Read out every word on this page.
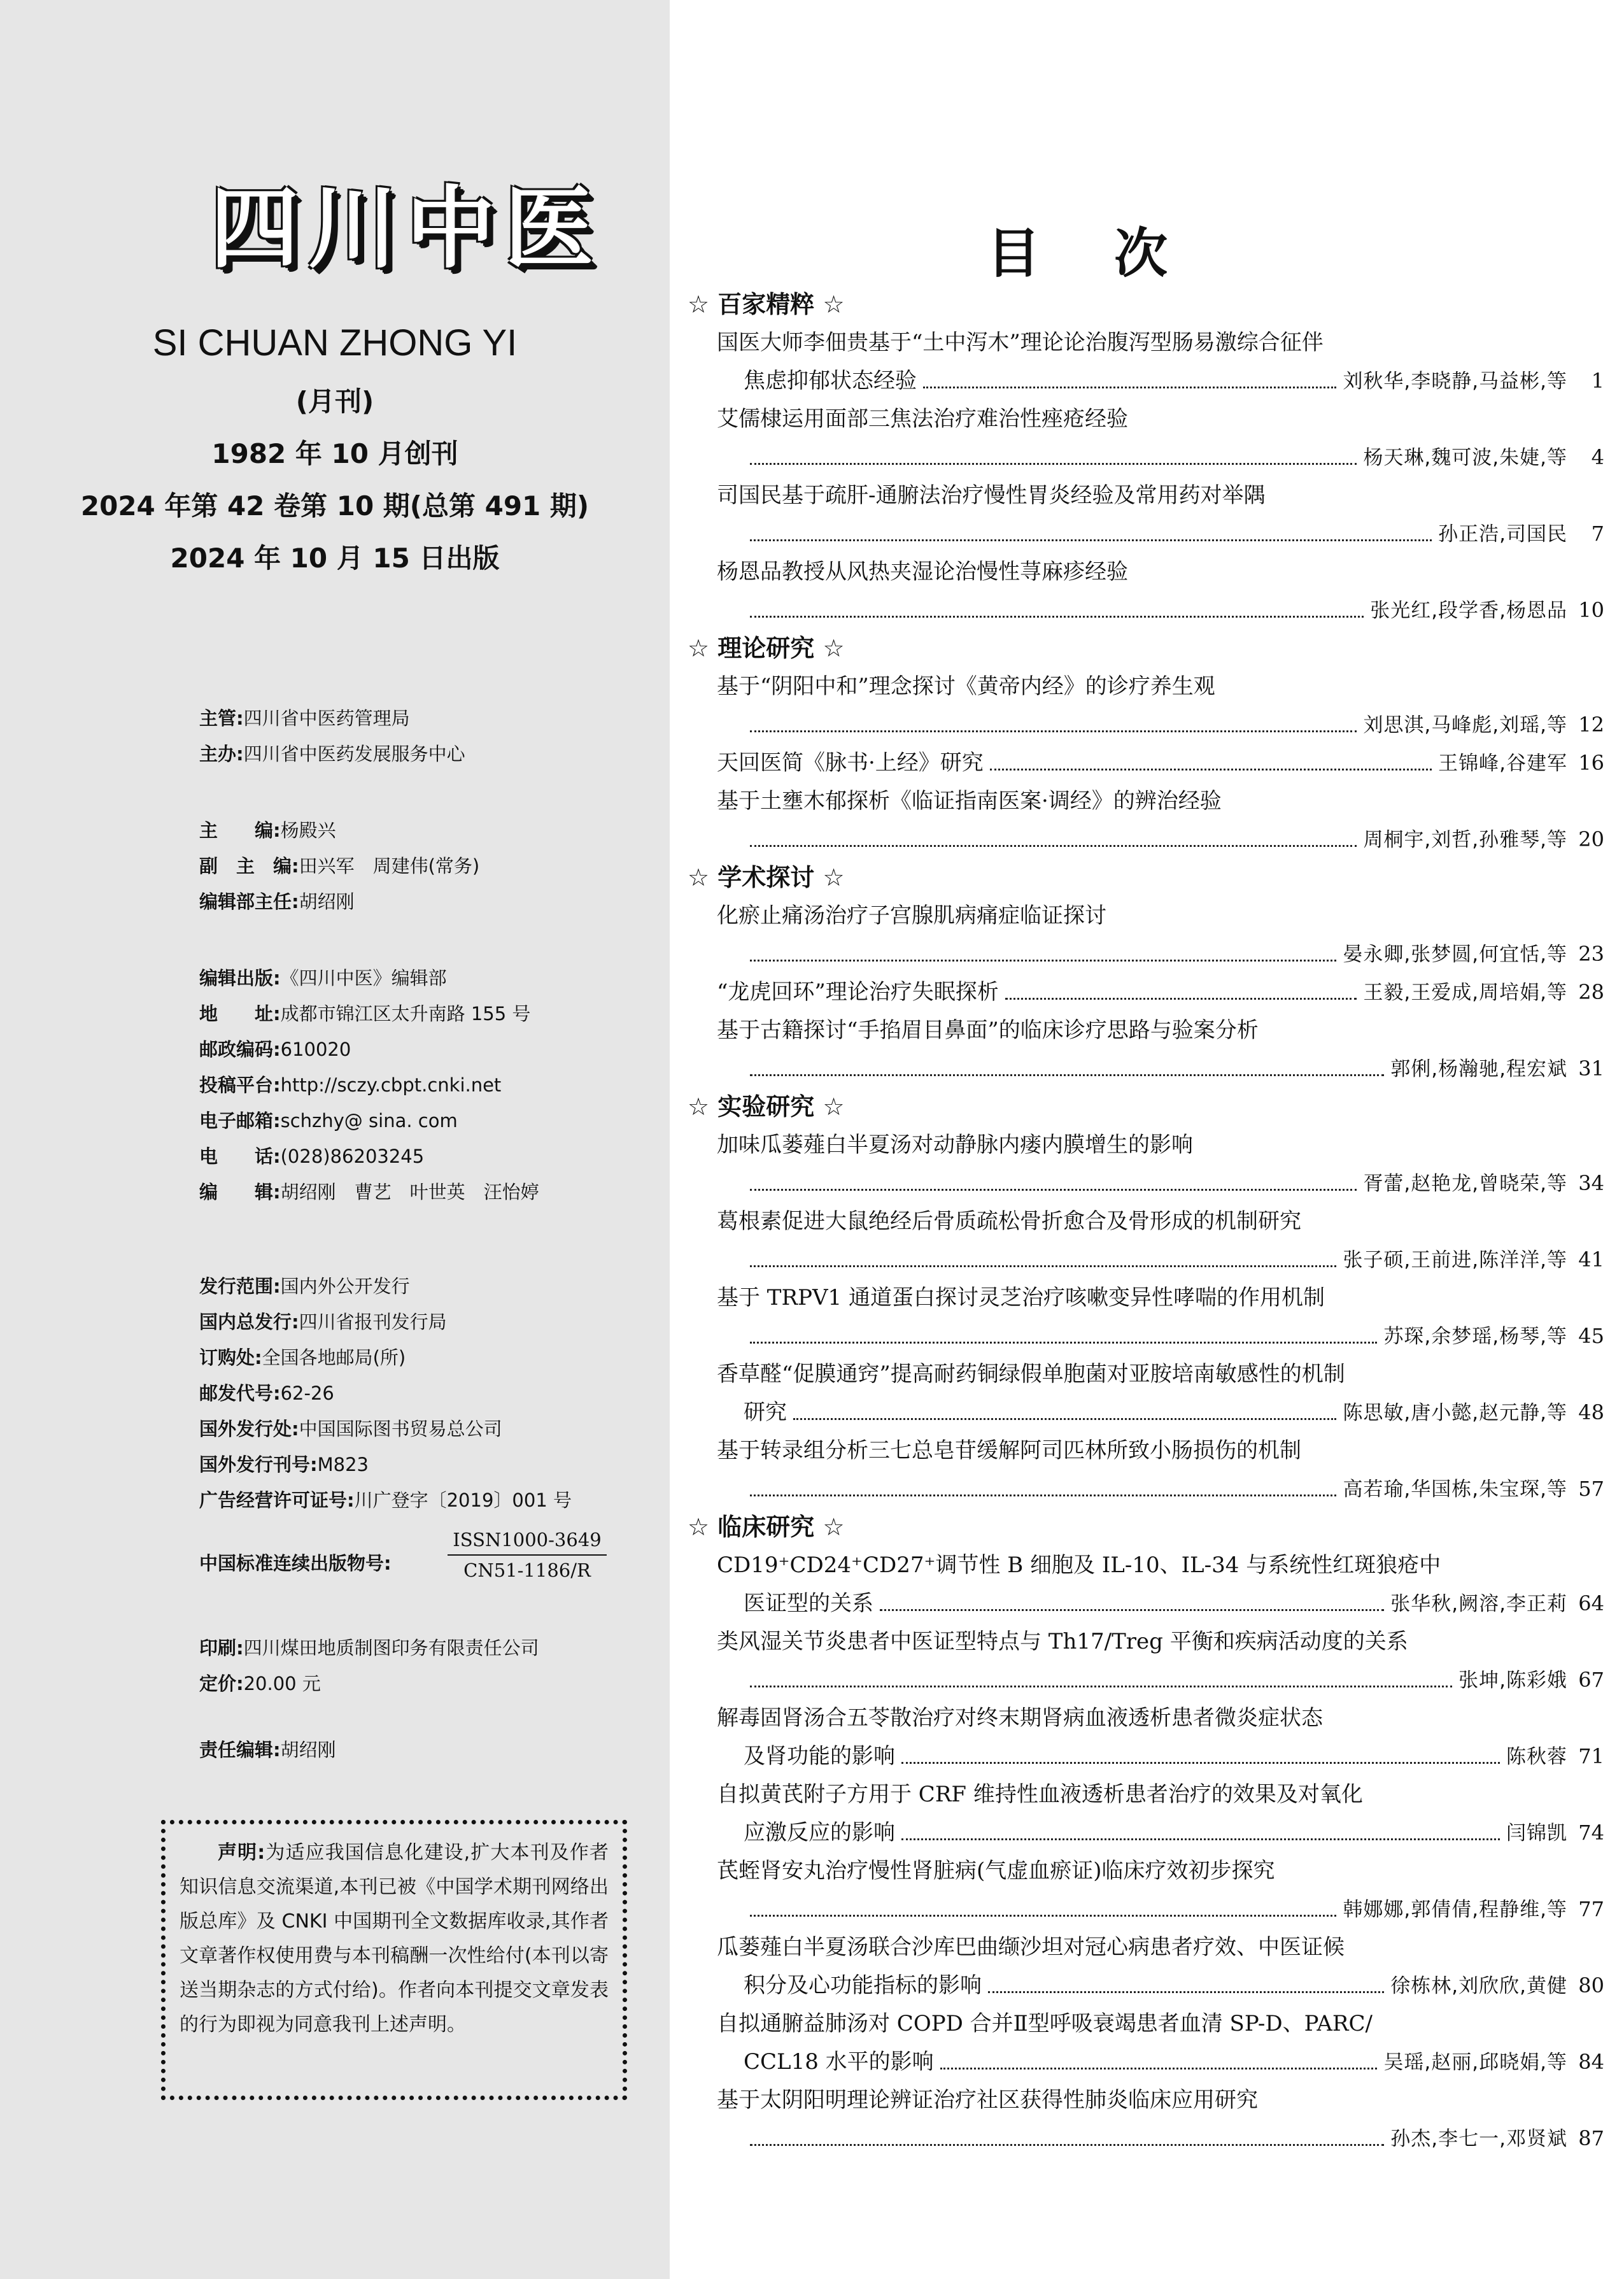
四川中医
SI CHUAN ZHONG YI
(月刊)
1982 年 10 月创刊
2024 年第 42 卷第 10 期(总第 491 期)
2024 年 10 月 15 日出版
主管:四川省中医药管理局
主办:四川省中医药发展服务中心
主　　编:杨殿兴
副　主　编:田兴军　周建伟(常务)
编辑部主任:胡绍刚
编辑出版:《四川中医》编辑部
地　　址:成都市锦江区太升南路 155 号
邮政编码:610020
投稿平台:http://sczy.cbpt.cnki.net
电子邮箱:schzhy@ sina. com
电　　话:(028)86203245
编　　辑:胡绍刚　曹艺　叶世英　汪怡婷
发行范围:国内外公开发行
国内总发行:四川省报刊发行局
订购处:全国各地邮局(所)
邮发代号:62-26
国外发行处:中国国际图书贸易总公司
国外发行刊号:M823
广告经营许可证号:川广登字〔2019〕001 号
印刷:四川煤田地质制图印务有限责任公司
定价:20.00 元
责任编辑:胡绍刚
中国标准连续出版物号:
ISSN1000-3649
CN51-1186/R
声明:为适应我国信息化建设,扩大本刊及作者知识信息交流渠道,本刊已被《中国学术期刊网络出版总库》及 CNKI 中国期刊全文数据库收录,其作者文章著作权使用费与本刊稿酬一次性给付(本刊以寄送当期杂志的方式付给)。作者向本刊提交文章发表的行为即视为同意我刊上述声明。
目 次
☆ 百家精粹 ☆
国医大师李佃贵基于“土中泻木”理论论治腹泻型肠易激综合征伴
焦虑抑郁状态经验	刘秋华,李晓静,马益彬,等	1
艾儒棣运用面部三焦法治疗难治性痤疮经验
杨天琳,魏可波,朱婕,等	4
司国民基于疏肝-通腑法治疗慢性胃炎经验及常用药对举隅
孙正浩,司国民	7
杨恩品教授从风热夹湿论治慢性荨麻疹经验
张光红,段学香,杨恩品 10
☆ 理论研究 ☆
基于“阴阳中和”理念探讨《黄帝内经》的诊疗养生观
刘思淇,马峰彪,刘瑶,等 12
天回医简《脉书·上经》研究	王锦峰,谷建军 16
基于土壅木郁探析《临证指南医案·调经》的辨治经验
周桐宇,刘哲,孙雅琴,等 20
☆ 学术探讨 ☆
化瘀止痛汤治疗子宫腺肌病痛症临证探讨
晏永卿,张梦圆,何宜恬,等 23
“龙虎回环”理论治疗失眠探析	王毅,王爱成,周培娟,等 28
基于古籍探讨“手掐眉目鼻面”的临床诊疗思路与验案分析
郭俐,杨瀚驰,程宏斌 31
☆ 实验研究 ☆
加味瓜蒌薤白半夏汤对动静脉内瘘内膜增生的影响
胥蕾,赵艳龙,曾晓荣,等 34
葛根素促进大鼠绝经后骨质疏松骨折愈合及骨形成的机制研究
张子硕,王前进,陈洋洋,等 41
基于 TRPV1 通道蛋白探讨灵芝治疗咳嗽变异性哮喘的作用机制
苏琛,余梦瑶,杨琴,等 45
香草醛“促膜通窍”提高耐药铜绿假单胞菌对亚胺培南敏感性的机制
研究	陈思敏,唐小懿,赵元静,等 48
基于转录组分析三七总皂苷缓解阿司匹林所致小肠损伤的机制
高若瑜,华国栋,朱宝琛,等 57
☆ 临床研究 ☆
CD19⁺CD24⁺CD27⁺调节性 B 细胞及 IL-10、IL-34 与系统性红斑狼疮中
医证型的关系	张华秋,阙溶,李正莉 64
类风湿关节炎患者中医证型特点与 Th17/Treg 平衡和疾病活动度的关系
张坤,陈彩娥 67
解毒固肾汤合五苓散治疗对终末期肾病血液透析患者微炎症状态
及肾功能的影响	陈秋蓉 71
自拟黄芪附子方用于 CRF 维持性血液透析患者治疗的效果及对氧化
应激反应的影响	闫锦凯 74
芪蛭肾安丸治疗慢性肾脏病(气虚血瘀证)临床疗效初步探究
韩娜娜,郭倩倩,程静维,等 77
瓜蒌薤白半夏汤联合沙库巴曲缬沙坦对冠心病患者疗效、中医证候
积分及心功能指标的影响	徐栋林,刘欣欣,黄健 80
自拟通腑益肺汤对 COPD 合并Ⅱ型呼吸衰竭患者血清 SP-D、PARC/
CCL18 水平的影响	吴瑶,赵丽,邱晓娟,等 84
基于太阴阳明理论辨证治疗社区获得性肺炎临床应用研究
孙杰,李七一,邓贤斌 87
